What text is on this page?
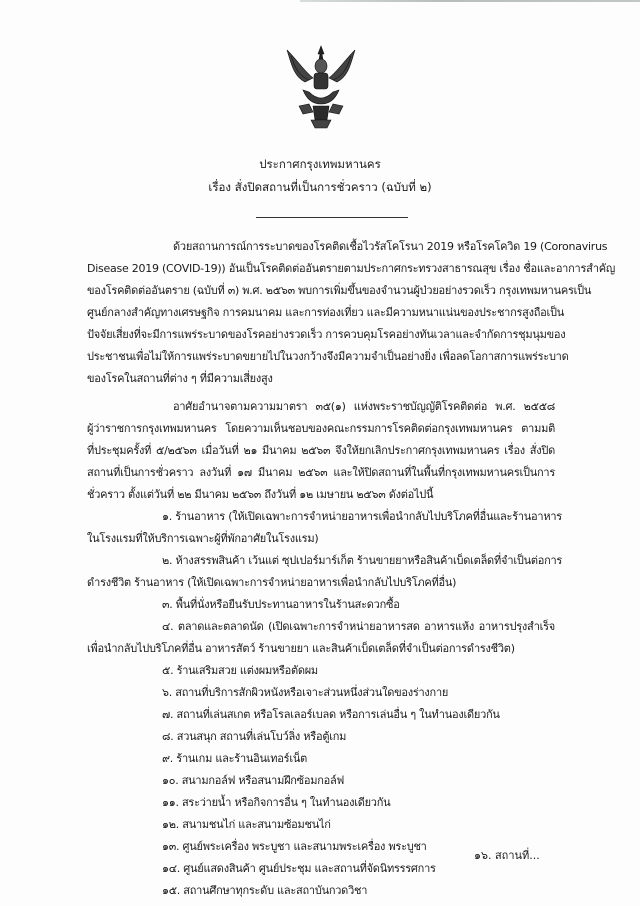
ประกาศกรุงเทพมหานคร
เรื่อง สั่งปิดสถานที่เป็นการชั่วคราว (ฉบับที่ ๒)
ด้วยสถานการณ์การระบาดของโรคติดเชื้อไวรัสโคโรนา 2019 หรือโรคโควิด 19 (Coronavirus
Disease 2019 (COVID-19)) อันเป็นโรคติดต่ออันตรายตามประกาศกระทรวงสาธารณสุข เรื่อง ชื่อและอาการสำคัญ
ของโรคติดต่ออันตราย (ฉบับที่ ๓) พ.ศ. ๒๕๖๓ พบการเพิ่มขึ้นของจำนวนผู้ป่วยอย่างรวดเร็ว กรุงเทพมหานครเป็น
ศูนย์กลางสำคัญทางเศรษฐกิจ การคมนาคม และการท่องเที่ยว และมีความหนาแน่นของประชากรสูงถือเป็น
ปัจจัยเสี่ยงที่จะมีการแพร่ระบาดของโรคอย่างรวดเร็ว การควบคุมโรคอย่างทันเวลาและจำกัดการชุมนุมของ
ประชาชนเพื่อไม่ให้การแพร่ระบาดขยายไปในวงกว้างจึงมีความจำเป็นอย่างยิ่ง เพื่อลดโอกาสการแพร่ระบาด
ของโรคในสถานที่ต่าง ๆ ที่มีความเสี่ยงสูง
อาศัยอำนาจตามความมาตรา ๓๕(๑) แห่งพระราชบัญญัติโรคติดต่อ พ.ศ. ๒๕๕๘
ผู้ว่าราชการกรุงเทพมหานคร โดยความเห็นชอบของคณะกรรมการโรคติดต่อกรุงเทพมหานคร ตามมติ
ที่ประชุมครั้งที่ ๕/๒๕๖๓ เมื่อวันที่ ๒๑ มีนาคม ๒๕๖๓ จึงให้ยกเลิกประกาศกรุงเทพมหานคร เรื่อง สั่งปิด
สถานที่เป็นการชั่วคราว ลงวันที่ ๑๗ มีนาคม ๒๕๖๓ และให้ปิดสถานที่ในพื้นที่กรุงเทพมหานครเป็นการ
ชั่วคราว ตั้งแต่วันที่ ๒๒ มีนาคม ๒๕๖๓ ถึงวันที่ ๑๒ เมษายน ๒๕๖๓ ดังต่อไปนี้
๑. ร้านอาหาร (ให้เปิดเฉพาะการจำหน่ายอาหารเพื่อนำกลับไปบริโภคที่อื่นและร้านอาหาร
ในโรงแรมที่ให้บริการเฉพาะผู้ที่พักอาศัยในโรงแรม)
๒. ห้างสรรพสินค้า เว้นแต่ ซุปเปอร์มาร์เก็ต ร้านขายยาหรือสินค้าเบ็ดเตล็ดที่จำเป็นต่อการ
ดำรงชีวิต ร้านอาหาร (ให้เปิดเฉพาะการจำหน่ายอาหารเพื่อนำกลับไปบริโภคที่อื่น)
๓. พื้นที่นั่งหรือยืนรับประทานอาหารในร้านสะดวกซื้อ
๔. ตลาดและตลาดนัด (เปิดเฉพาะการจำหน่ายอาหารสด อาหารแห้ง อาหารปรุงสำเร็จ
เพื่อนำกลับไปบริโภคที่อื่น อาหารสัตว์ ร้านขายยา และสินค้าเบ็ดเตล็ดที่จำเป็นต่อการดำรงชีวิต)
๕. ร้านเสริมสวย แต่งผมหรือตัดผม
๖. สถานที่บริการสักผิวหนังหรือเจาะส่วนหนึ่งส่วนใดของร่างกาย
๗. สถานที่เล่นสเกต หรือโรลเลอร์เบลด หรือการเล่นอื่น ๆ ในทำนองเดียวกัน
๘. สวนสนุก สถานที่เล่นโบว์ลิ่ง หรือตู้เกม
๙. ร้านเกม และร้านอินเทอร์เน็ต
๑๐. สนามกอล์ฟ หรือสนามฝึกซ้อมกอล์ฟ
๑๑. สระว่ายน้ำ หรือกิจการอื่น ๆ ในทำนองเดียวกัน
๑๒. สนามชนไก่ และสนามซ้อมชนไก่
๑๓. ศูนย์พระเครื่อง พระบูชา และสนามพระเครื่อง พระบูชา
๑๔. ศูนย์แสดงสินค้า ศูนย์ประชุม และสถานที่จัดนิทรรรศการ
๑๕. สถานศึกษาทุกระดับ และสถาบันกวดวิชา
๑๖. สถานที่...
